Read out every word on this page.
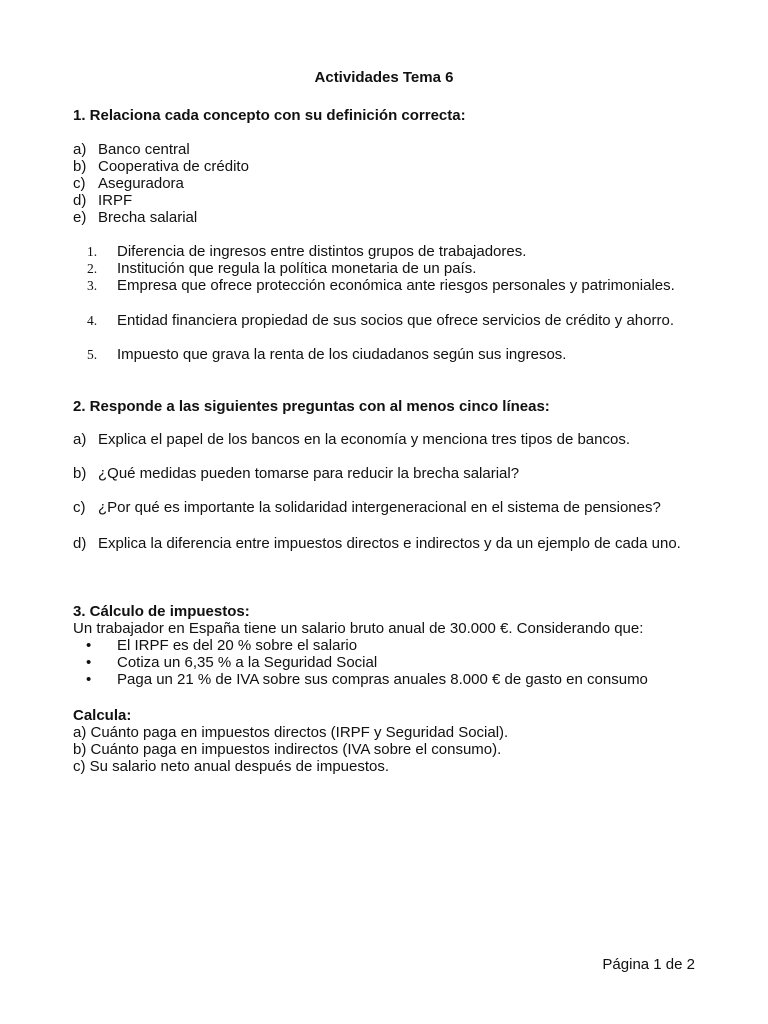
Actividades Tema 6
1. Relaciona cada concepto con su definición correcta:
a) Banco central
b) Cooperativa de crédito
c) Aseguradora
d) IRPF
e) Brecha salarial
1. Diferencia de ingresos entre distintos grupos de trabajadores.
2. Institución que regula la política monetaria de un país.
3. Empresa que ofrece protección económica ante riesgos personales y patrimoniales.
4. Entidad financiera propiedad de sus socios que ofrece servicios de crédito y ahorro.
5. Impuesto que grava la renta de los ciudadanos según sus ingresos.
2. Responde a las siguientes preguntas con al menos cinco líneas:
a) Explica el papel de los bancos en la economía y menciona tres tipos de bancos.
b) ¿Qué medidas pueden tomarse para reducir la brecha salarial?
c) ¿Por qué es importante la solidaridad intergeneracional en el sistema de pensiones?
d) Explica la diferencia entre impuestos directos e indirectos y da un ejemplo de cada uno.
3. Cálculo de impuestos:
Un trabajador en España tiene un salario bruto anual de 30.000 €. Considerando que:
• El IRPF es del 20 % sobre el salario
• Cotiza un 6,35 % a la Seguridad Social
• Paga un 21 % de IVA sobre sus compras anuales 8.000 € de gasto en consumo
Calcula:
a) Cuánto paga en impuestos directos (IRPF y Seguridad Social).
b) Cuánto paga en impuestos indirectos (IVA sobre el consumo).
c) Su salario neto anual después de impuestos.
Página 1 de 2
